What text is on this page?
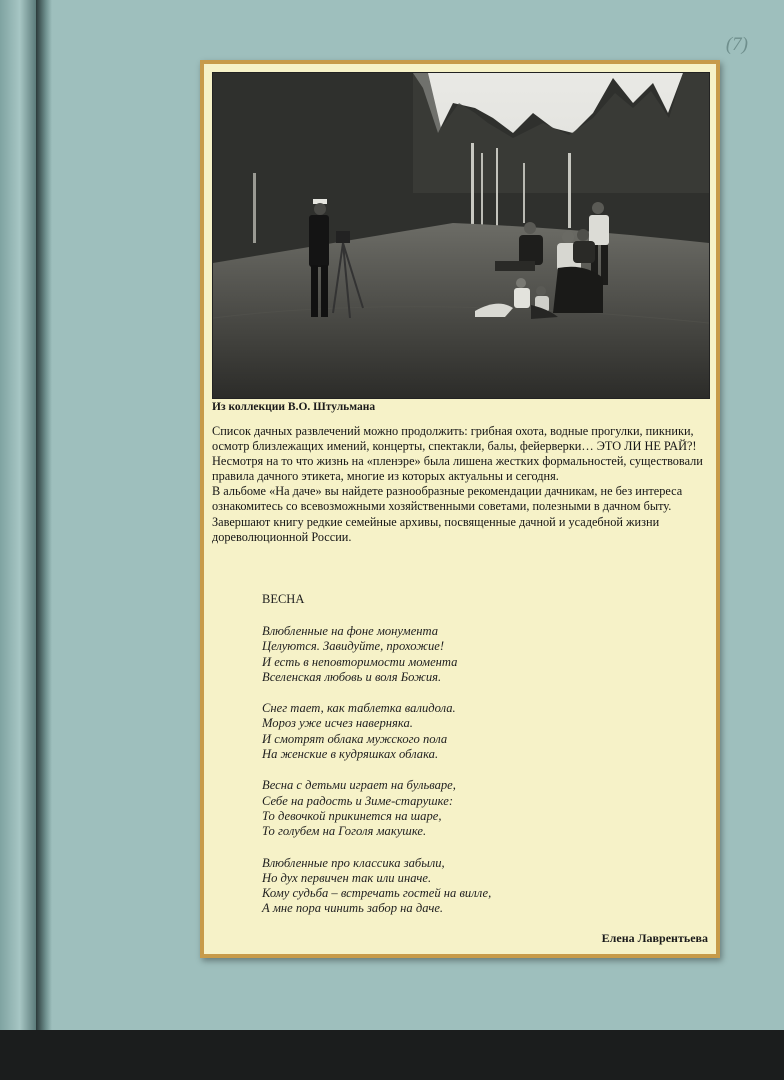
(7)
Из коллекции В.О. Штульмана

Список дачных развлечений можно продолжить: грибная охота, водные прогулки, пикники, осмотр близлежащих имений, концерты, спектакли, балы, фейерверки… ЭТО ЛИ НЕ РАЙ?!

Несмотря на то что жизнь на «пленэре» была лишена жестких формальностей, существовали правила дачного этикета, многие из которых актуальны и сегодня.

В альбоме «На даче» вы найдете разнообразные рекомендации дачникам, не без интереса ознакомитесь со всевозможными хозяйственными советами, полезными в дачном быту.

Завершают книгу редкие семейные архивы, посвященные дачной и усадебной жизни дореволюционной России.

ВЕСНА
Влюбленные на фоне монумента
Целуются. Завидуйте, прохожие!
И есть в неповторимости момента
Вселенская любовь и воля Божия.
Снег тает, как таблетка валидола.
Мороз уже исчез наверняка.
И смотрят облака мужского пола
На женские в кудряшках облака.
Весна с детьми играет на бульваре,
Себе на радость и Зиме-старушке:
То девочкой прикинется на шаре,
То голубем на Гоголя макушке.
Влюбленные про классика забыли,
Но дух первичен так или иначе.
Кому судьба – встречать гостей на вилле,
А мне пора чинить забор на даче.
Елена Лаврентьева
